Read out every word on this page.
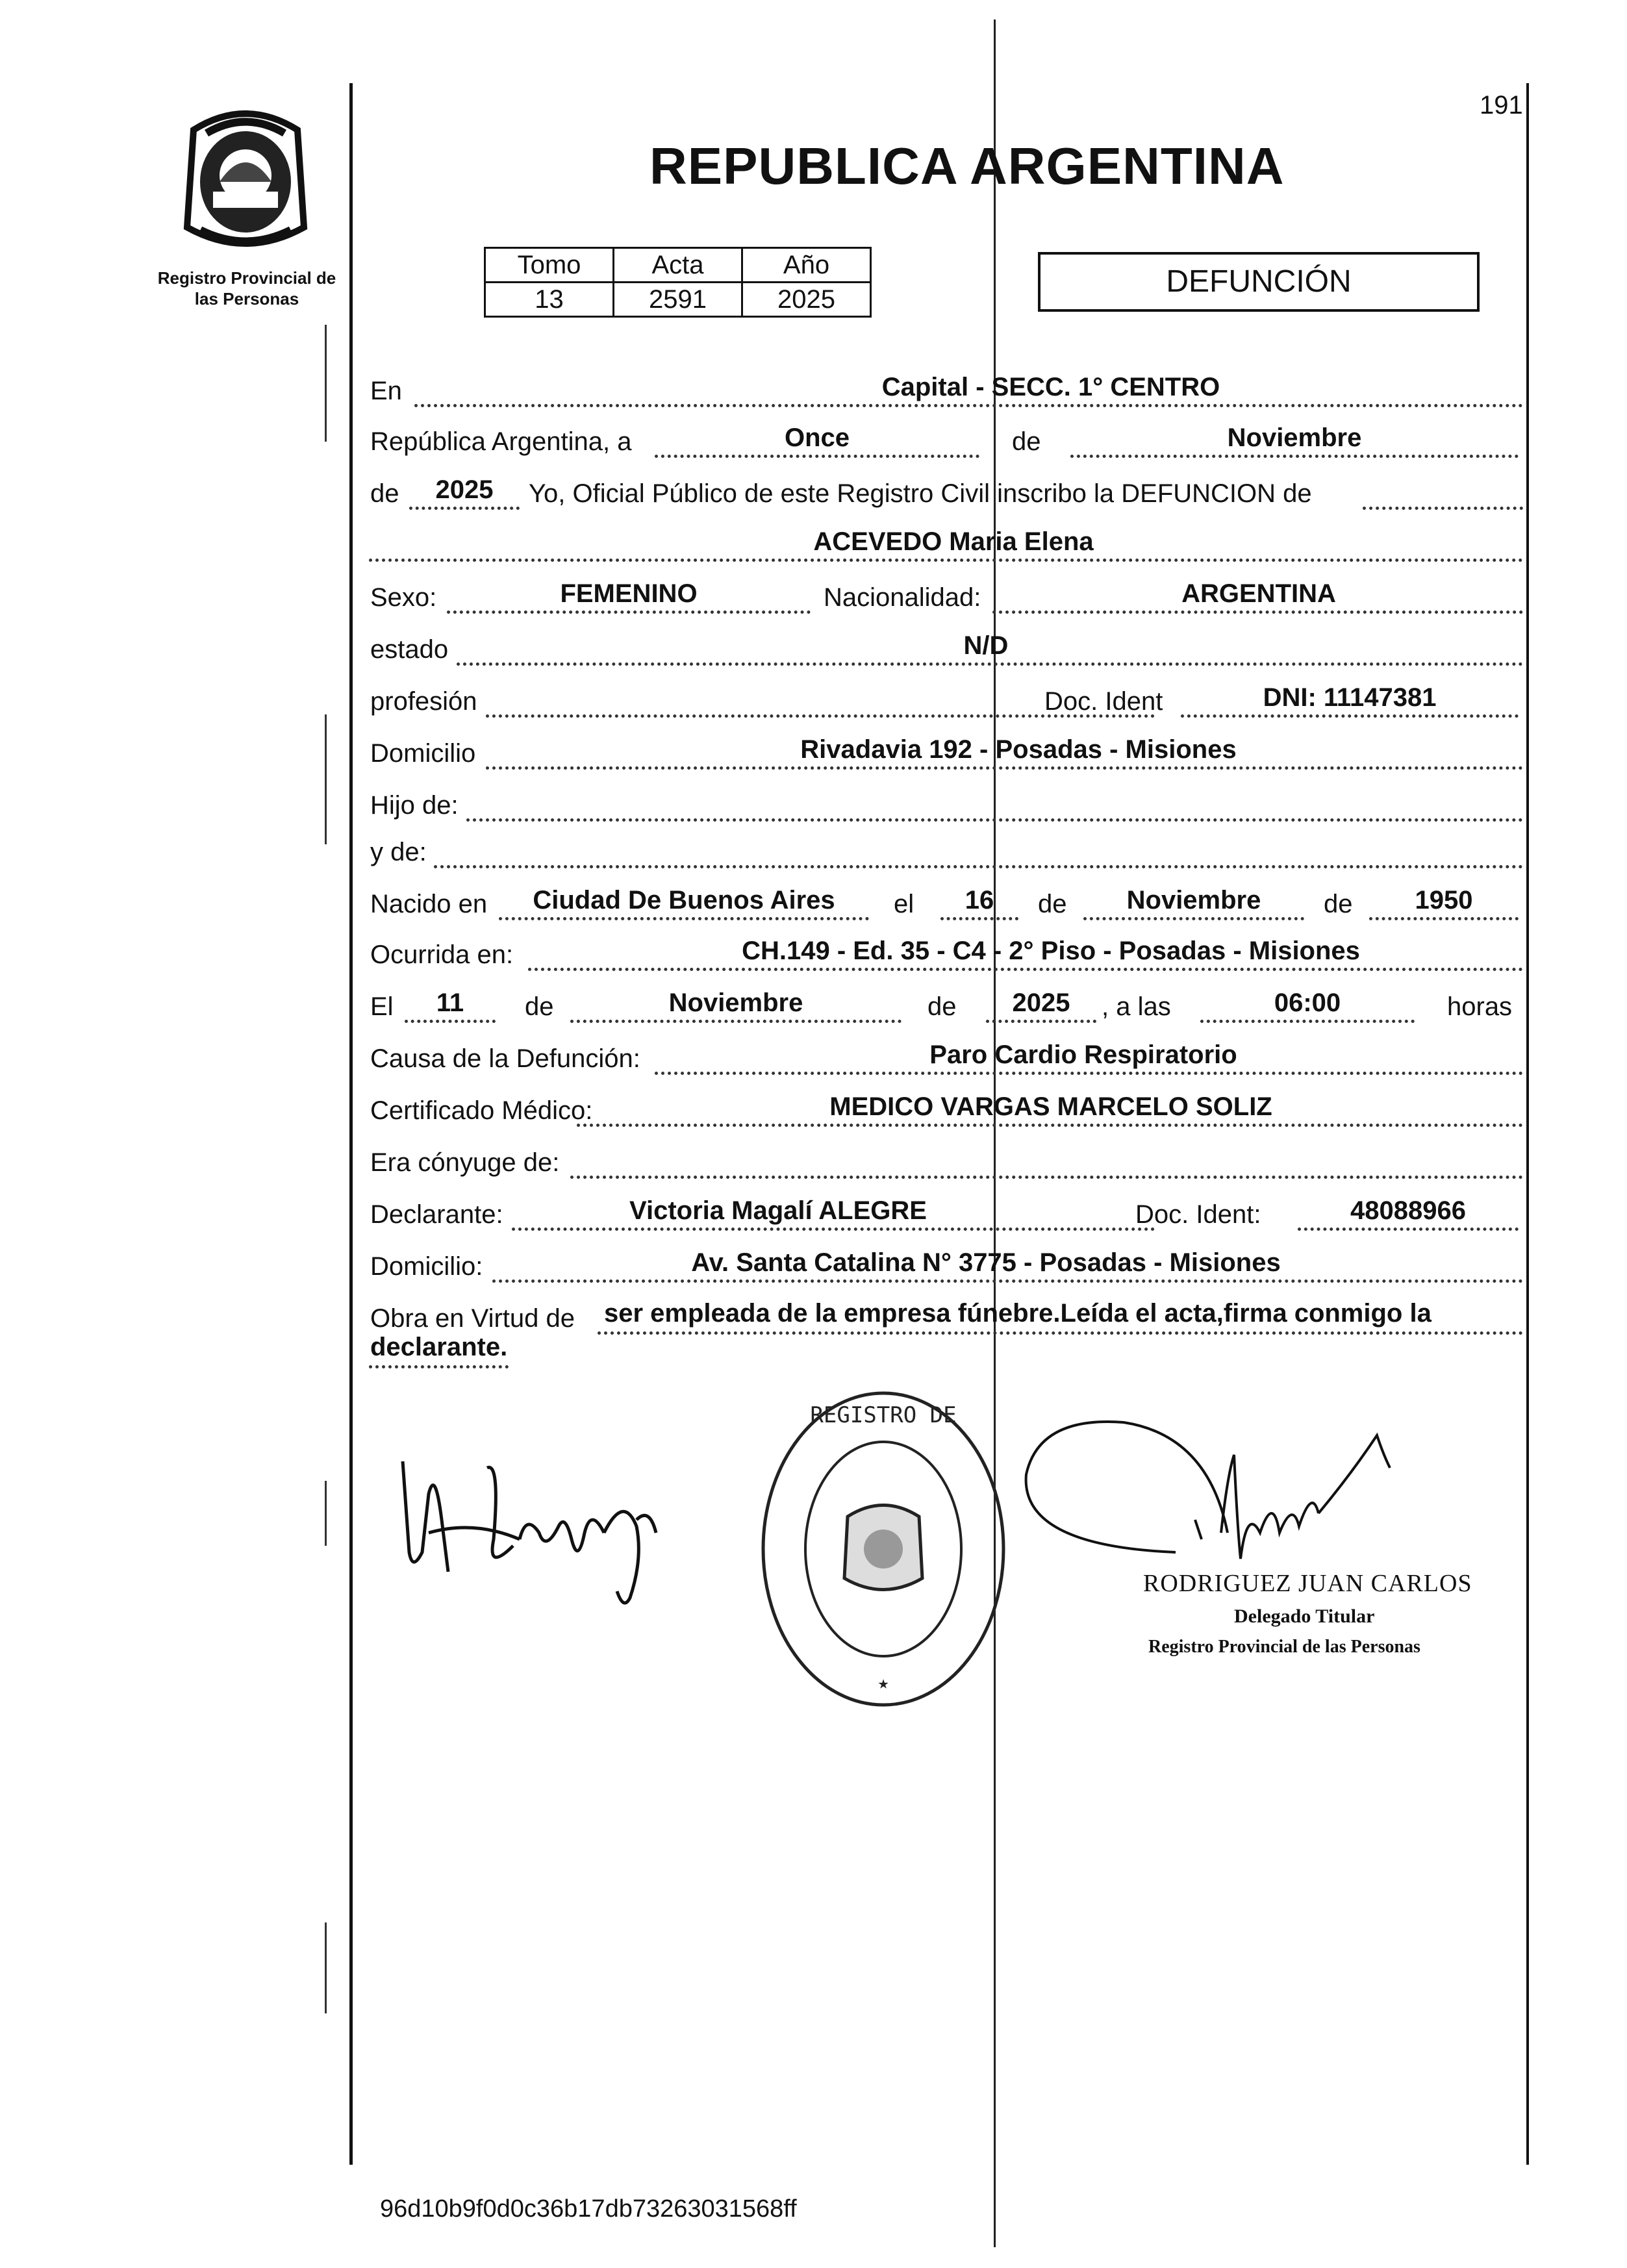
191
REPUBLICA ARGENTINA
Registro Provincial de las Personas
Tomo	Acta	Año
13	2591	2025
DEFUNCIÓN
En	Capital - SECC. 1° CENTRO
República Argentina, a	Once	de	Noviembre
de	2025	Yo, Oficial Público de este Registro Civil inscribo la DEFUNCION de
ACEVEDO Maria Elena
Sexo:	FEMENINO	Nacionalidad:	ARGENTINA
estado	N/D
profesión	Doc. Ident	DNI: 11147381
Domicilio	Rivadavia 192 - Posadas - Misiones
Hijo de:
y de:
Nacido en	Ciudad De Buenos Aires	el	16	de	Noviembre	de	1950
Ocurrida en:	CH.149 - Ed. 35 - C4 - 2° Piso - Posadas - Misiones
El	11	de	Noviembre	de	2025	, a las	06:00	horas
Causa de la Defunción:	Paro Cardio Respiratorio
Certificado Médico:	MEDICO VARGAS MARCELO SOLIZ
Era cónyuge de:
Declarante:	Victoria Magalí ALEGRE	Doc. Ident:	48088966
Domicilio:	Av. Santa Catalina N° 3775 - Posadas - Misiones
Obra en Virtud de ser empleada de la empresa fúnebre.Leída el acta,firma conmigo la
declarante.
REGISTRO DE
★
RODRIGUEZ JUAN CARLOS
Delegado Titular
Registro Provincial de las Personas
96d10b9f0d0c36b17db73263031568ff
